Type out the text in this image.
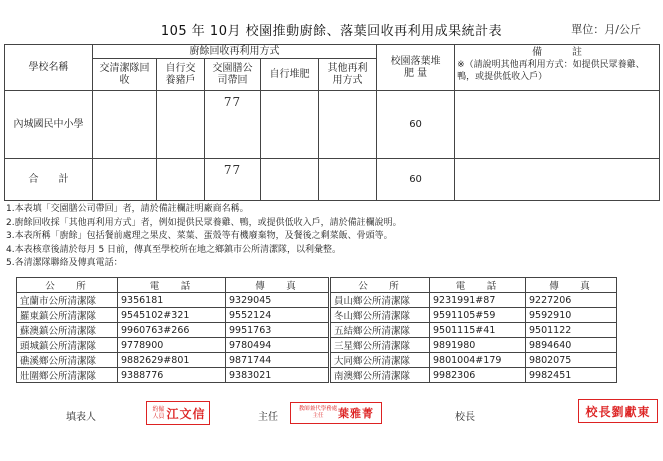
105 年 10月 校園推動廚餘、落葉回收再利用成果統計表	單位：月/公斤
學校名稱	廚餘回收再利用方式					校園落葉堆 肥 量	備　　　註
※（請說明其他再利用方式：如提供民眾養雞、鴨，或提供低收入戶）

	交清潔隊回收	自行交養豬戶	交園膳公司帶回	自行堆肥	其他再利用方式		
內城國民中小學			77			60	
合　　計			77			60	
1.本表填「交園膳公司帶回」者，請於備註欄註明廠商名稱。
2.廚餘回收採「其他再利用方式」者，例如提供民眾養雞、鴨，或提供低收入戶，請於備註欄說明。
3.本表所稱「廚餘」包括餐前處理之果皮、菜葉、蛋殼等有機廢棄物，及餐後之剩菜飯、骨頭等。
4.本表核章後請於每月 5 日前，傳真至學校所在地之鄉鎮市公所清潔隊，以利彙整。
5.各清潔隊聯絡及傳真電話：
公　所	電　話	傳　真	公　所	電　話	傳　真
宜蘭市公所清潔隊	9356181	9329045	員山鄉公所清潔隊	9231991#87	9227206
羅東鎮公所清潔隊	9545102#321	9552124	冬山鄉公所清潔隊	9591105#59	9592910
蘇澳鎮公所清潔隊	9960763#266	9951763	五結鄉公所清潔隊	9501115#41	9501122
頭城鎮公所清潔隊	9778900	9780494	三星鄉公所清潔隊	9891980	9894640
礁溪鄉公所清潔隊	9882629#801	9871744	大同鄉公所清潔隊	9801004#179	9802075
壯圍鄉公所清潔隊	9388776	9383021	南澳鄉公所清潔隊	9982306	9982451
填表人
約僱人員 江文信	主任
教師兼代學務處主任	葉雅菁	校長	校長劉獻東
